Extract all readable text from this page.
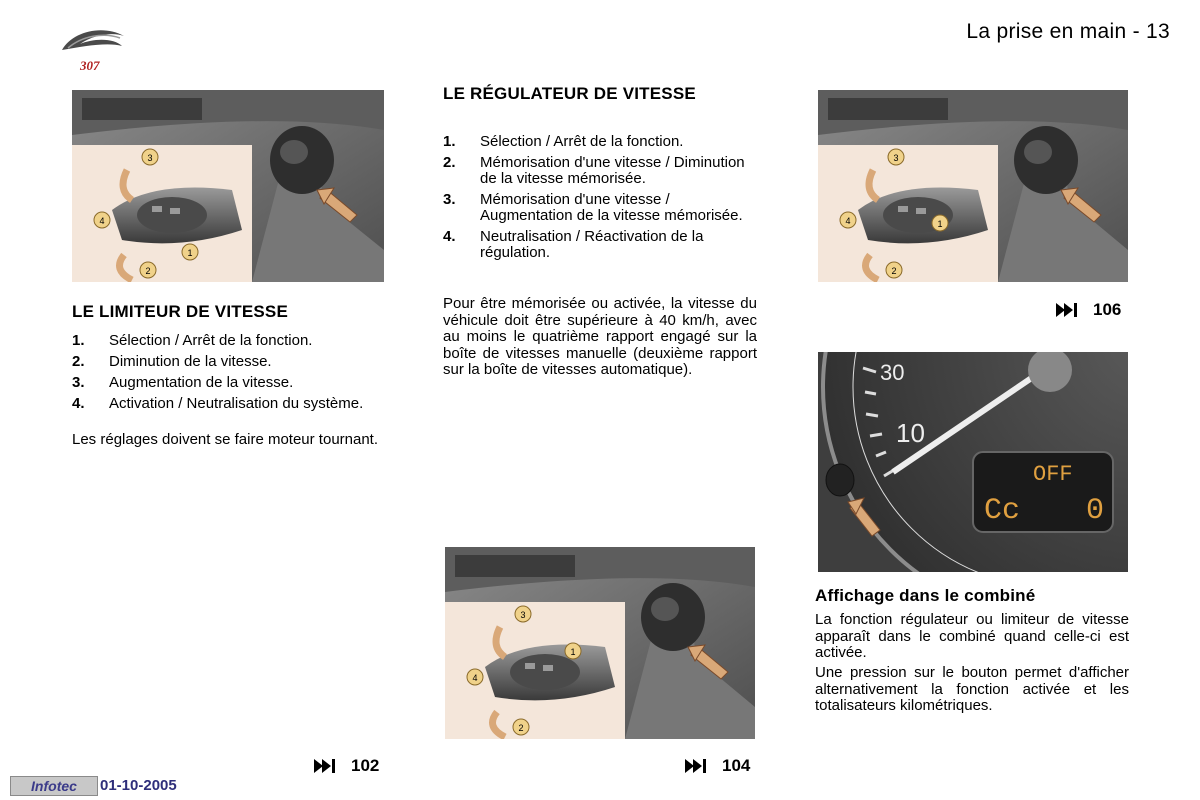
307
La prise en main - 13
3
4
1
2
LE LIMITEUR DE VITESSE
1.	Sélection / Arrêt de la fonction.
2.	Diminution de la vitesse.
3.	Augmentation de la vitesse.
4.	Activation / Neutralisation du système.

Les réglages doivent se faire moteur tournant.

LE RÉGULATEUR DE VITESSE
1.	Sélection / Arrêt de la fonction.
2.	Mémorisation d'une vitesse / Diminution de la vitesse mémorisée.
3.	Mémorisation d'une vitesse / Augmentation de la vitesse mémorisée.
4.	Neutralisation / Réactivation de la régulation.

Pour être mémorisée ou activée, la vitesse du véhicule doit être supérieure à 40 km/h, avec au moins le quatrième rapport engagé sur la boîte de vitesses manuelle (deuxième rapport sur la boîte de vitesses automatique).

3
4
1
2
3
4	1
2
106
30
10
OFF
Cc 0
Affichage dans le combiné

La fonction régulateur ou limiteur de vitesse apparaît dans le combiné quand celle-ci est activée.

Une pression sur le bouton permet d'afficher alternativement la fonction activée et les totalisateurs kilométriques.

102	104
Infotec	01-10-2005
